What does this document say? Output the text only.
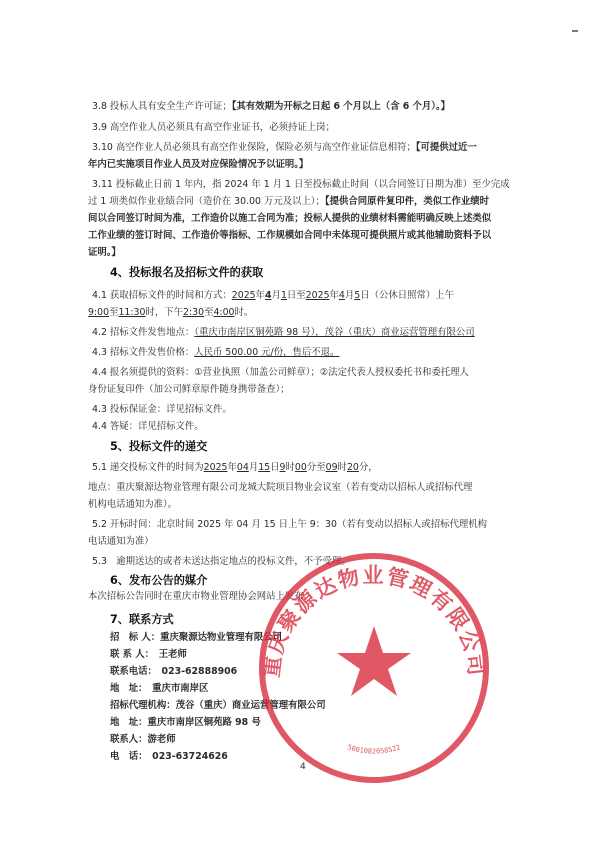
3.8 投标人具有安全生产许可证；【其有效期为开标之日起 6 个月以上（含 6 个月）。】
3.9 高空作业人员必须具有高空作业证书，必须持证上岗；
3.10 高空作业人员必须具有高空作业保险，保险必须与高空作业证信息相符；【可提供过近一
年内已实施项目作业人员及对应保险情况予以证明。】
3.11 投标截止日前 1 年内，指 2024 年 1 月 1 日至投标截止时间（以合同签订日期为准）至少完成
过 1 项类似作业业绩合同（造价在 30.00 万元及以上）；【提供合同原件复印件，类似工作业绩时
间以合同签订时间为准，工作造价以施工合同为准；投标人提供的业绩材料需能明确反映上述类似
工作业绩的签订时间、工作造价等指标、工作规模如合同中未体现可提供照片或其他辅助资料予以
证明。】
4、投标报名及招标文件的获取
4.1 获取招标文件的时间和方式：2025年4月1日至2025年4月5日（公休日照常）上午
9:00至11:30时，下午2:30至4:00时。
4.2 招标文件发售地点：（重庆市南岸区铜苑路 98 号），茂谷（重庆）商业运营管理有限公司
4.3 招标文件发售价格：人民币 500.00 元/份，售后不退。
4.4 报名须提供的资料：①营业执照（加盖公司鲜章）；②法定代表人授权委托书和委托理人
身份证复印件（加公司鲜章原件随身携带备查）；
4.3 投标保证金：详见招标文件。
4.4 答疑：详见招标文件。
5、投标文件的递交
5.1 递交投标文件的时间为2025年04月15日9时00分至09时20分，
地点：重庆聚源达物业管理有限公司龙城大院项目物业会议室（若有变动以招标人或招标代理
机构电话通知为准）。
5.2 开标时间：北京时间 2025 年 04 月 15 日上午 9：30（若有变动以招标人或招标代理机构
电话通知为准）
5.3　逾期送达的或者未送达指定地点的投标文件，不予受理。
6、发布公告的媒介
本次招标公告同时在重庆市物业管理协会网站上发布。
7、联系方式
招　标 人：重庆聚源达物业管理有限公司
联 系 人：　王老师
联系电话：　023-62888906
地　址：　重庆市南岸区
招标代理机构：茂谷（重庆）商业运营管理有限公司
地　址：重庆市南岸区铜苑路 98 号
联系人：游老师
电　话：　023-63724626
4
重庆聚源达物业管理有限公司
5001082058522
